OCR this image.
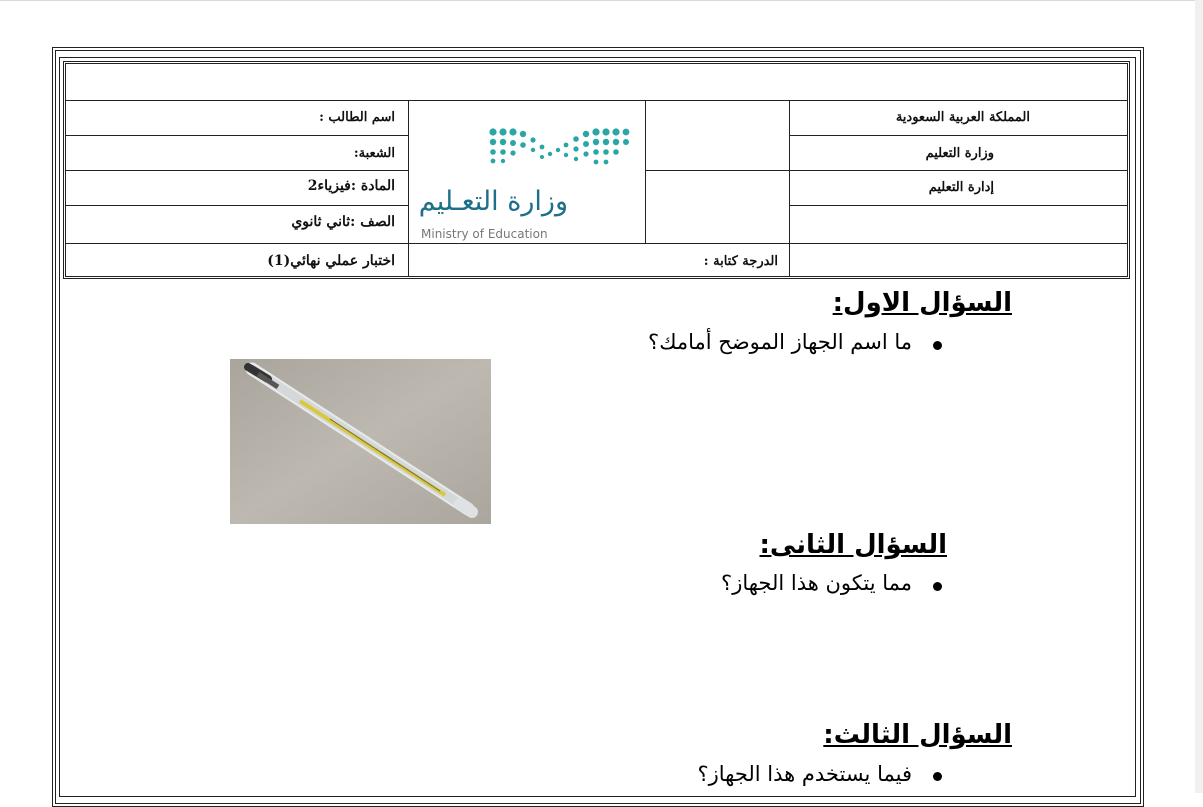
المملكة العربية السعودية
وزارة التعليم
إدارة التعليم
اسم الطالب :
الشعبة:
المادة :فيزياء2
الصف :ثاني ثانوي
الدرجة كتابة :
اختبار عملي نهائي(1)
وزارة التعـليم
Ministry of Education
السؤال الاول:
ما اسم الجهاز الموضح أمامك؟
السؤال الثانى:
مما يتكون هذا الجهاز؟
السؤال الثالث:
فيما يستخدم هذا الجهاز؟
